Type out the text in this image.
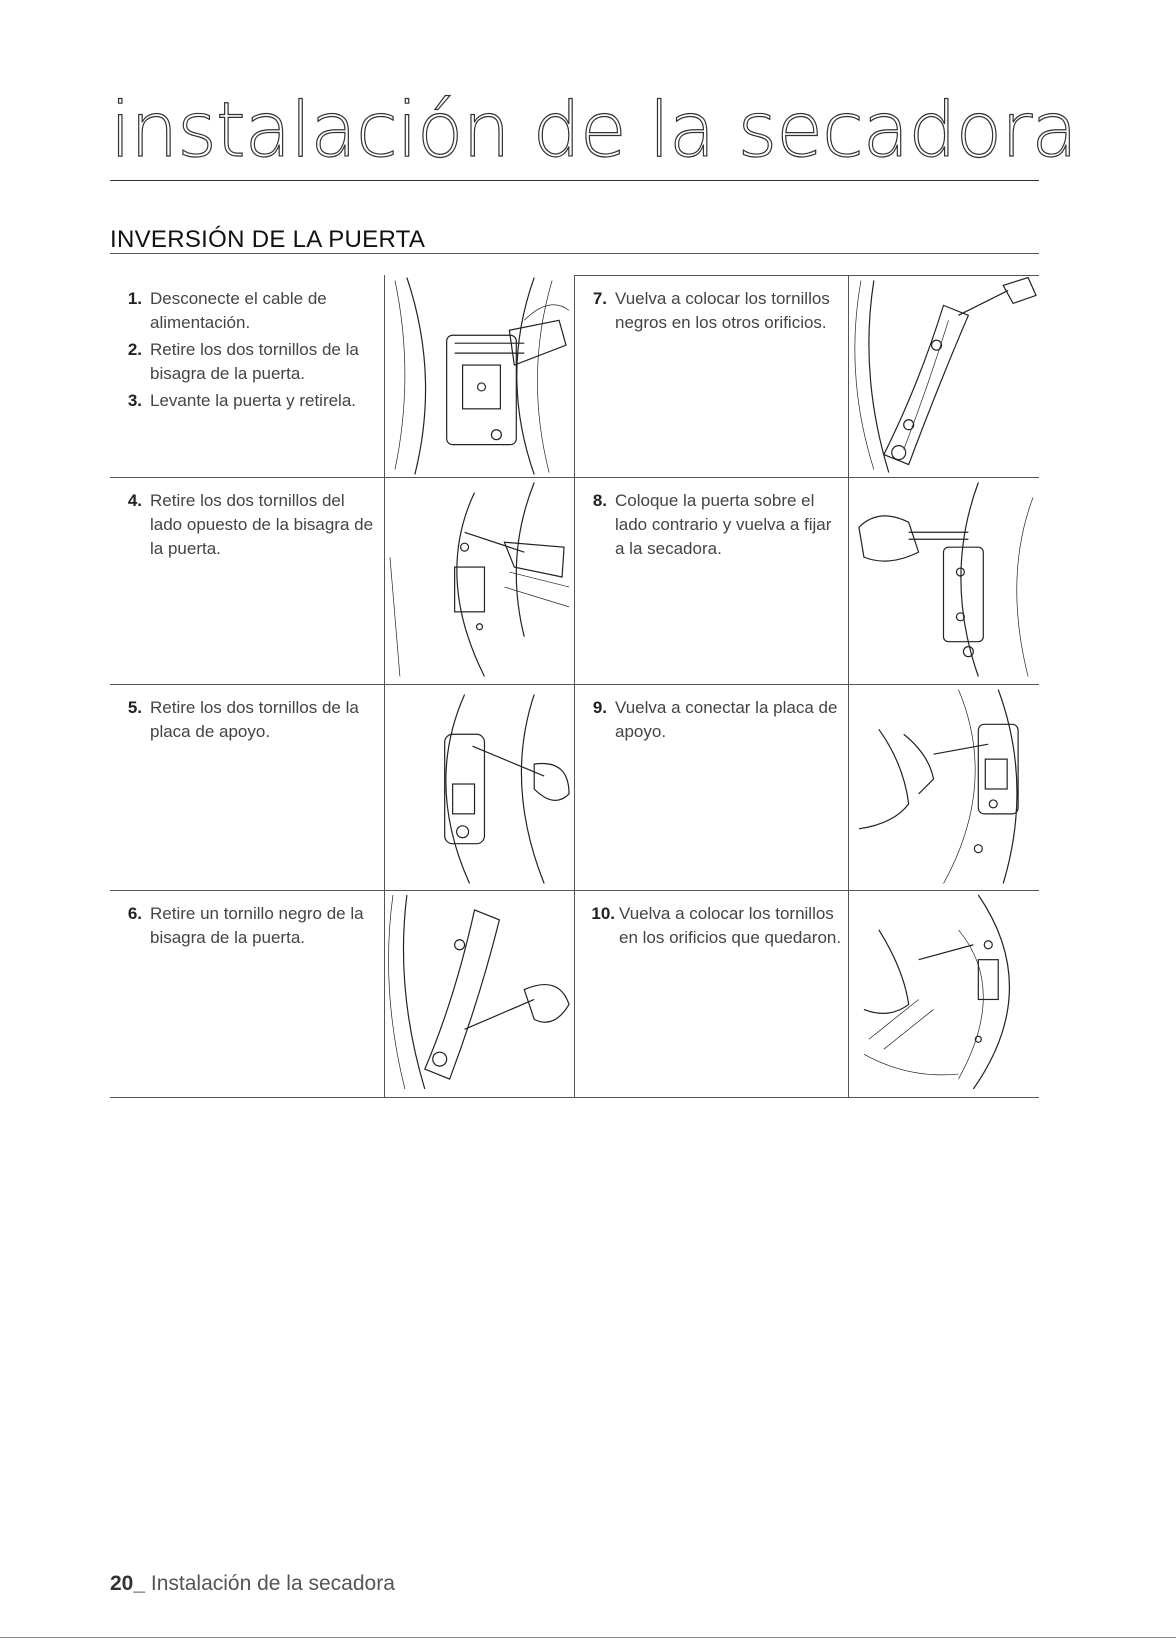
instalación de la secadora
INVERSIÓN DE LA PUERTA
1. Desconecte el cable de alimentación.
2. Retire los dos tornillos de la bisagra de la puerta.
3. Levante la puerta y retirela.
7. Vuelva a colocar los tornillos negros en los otros orificios.
4. Retire los dos tornillos del lado opuesto de la bisagra de la puerta.
8. Coloque la puerta sobre el lado contrario y vuelva a fijar a la secadora.
5. Retire los dos tornillos de la placa de apoyo.
9. Vuelva a conectar la placa de apoyo.
6. Retire un tornillo negro de la bisagra de la puerta.
10. Vuelva a colocar los tornillos en los orificios que quedaron.

20_ Instalación de la secadora
